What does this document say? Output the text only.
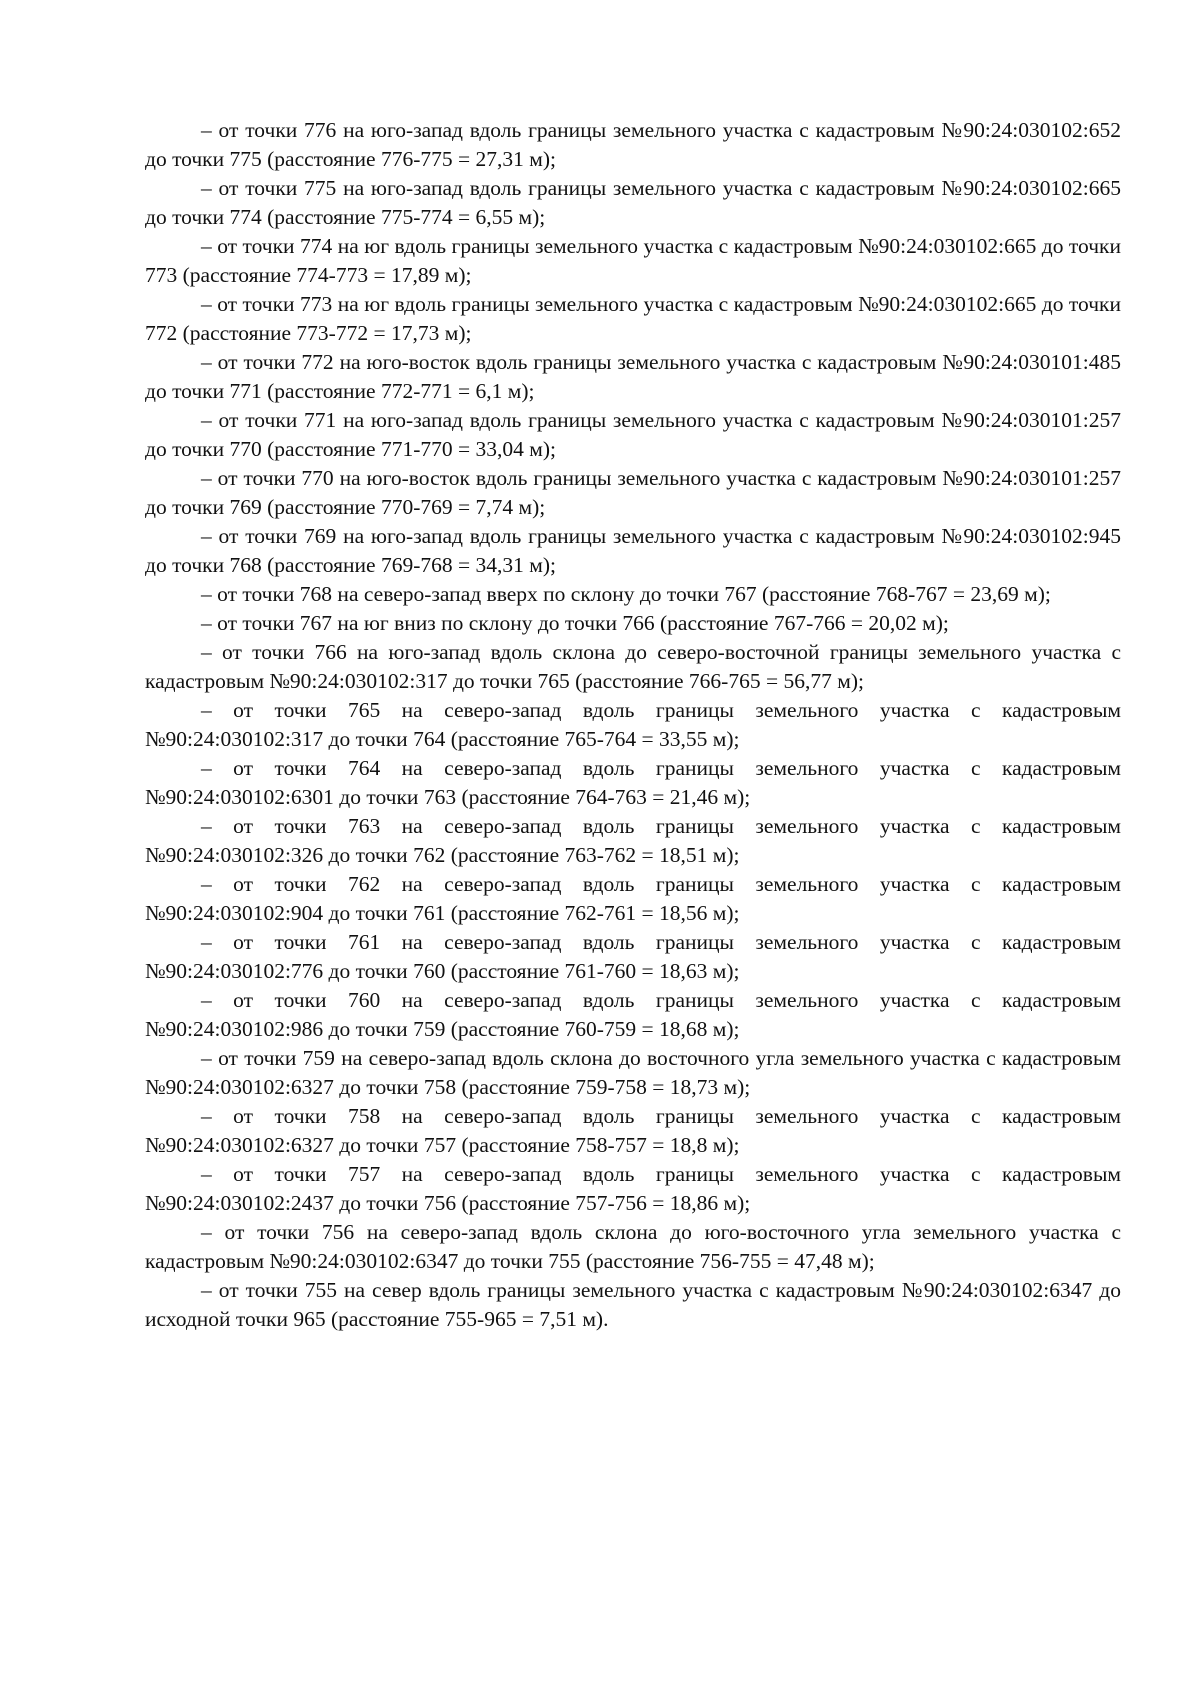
– от точки 776 на юго-запад вдоль границы земельного участка с кадастровым №90:24:030102:652 до точки 775 (расстояние 776-775 = 27,31 м);

– от точки 775 на юго-запад вдоль границы земельного участка с кадастровым №90:24:030102:665 до точки 774 (расстояние 775-774 = 6,55 м);

– от точки 774 на юг вдоль границы земельного участка с кадастровым №90:24:030102:665 до точки 773 (расстояние 774-773 = 17,89 м);

– от точки 773 на юг вдоль границы земельного участка с кадастровым №90:24:030102:665 до точки 772 (расстояние 773-772 = 17,73 м);

– от точки 772 на юго-восток вдоль границы земельного участка с кадастровым №90:24:030101:485 до точки 771 (расстояние 772-771 = 6,1 м);

– от точки 771 на юго-запад вдоль границы земельного участка с кадастровым №90:24:030101:257 до точки 770 (расстояние 771-770 = 33,04 м);

– от точки 770 на юго-восток вдоль границы земельного участка с кадастровым №90:24:030101:257 до точки 769 (расстояние 770-769 = 7,74 м);

– от точки 769 на юго-запад вдоль границы земельного участка с кадастровым №90:24:030102:945 до точки 768 (расстояние 769-768 = 34,31 м);

– от точки 768 на северо-запад вверх по склону до точки 767 (расстояние 768-767 = 23,69 м);

– от точки 767 на юг вниз по склону до точки 766 (расстояние 767-766 = 20,02 м);

– от точки 766 на юго-запад вдоль склона до северо-восточной границы земельного участка с кадастровым №90:24:030102:317 до точки 765 (расстояние 766-765 = 56,77 м);

– от точки 765 на северо-запад вдоль границы земельного участка с кадастровым №90:24:030102:317 до точки 764 (расстояние 765-764 = 33,55 м);

– от точки 764 на северо-запад вдоль границы земельного участка с кадастровым №90:24:030102:6301 до точки 763 (расстояние 764-763 = 21,46 м);

– от точки 763 на северо-запад вдоль границы земельного участка с кадастровым №90:24:030102:326 до точки 762 (расстояние 763-762 = 18,51 м);

– от точки 762 на северо-запад вдоль границы земельного участка с кадастровым №90:24:030102:904 до точки 761 (расстояние 762-761 = 18,56 м);

– от точки 761 на северо-запад вдоль границы земельного участка с кадастровым №90:24:030102:776 до точки 760 (расстояние 761-760 = 18,63 м);

– от точки 760 на северо-запад вдоль границы земельного участка с кадастровым №90:24:030102:986 до точки 759 (расстояние 760-759 = 18,68 м);

– от точки 759 на северо-запад вдоль склона до восточного угла земельного участка с кадастровым №90:24:030102:6327 до точки 758 (расстояние 759-758 = 18,73 м);

– от точки 758 на северо-запад вдоль границы земельного участка с кадастровым №90:24:030102:6327 до точки 757 (расстояние 758-757 = 18,8 м);

– от точки 757 на северо-запад вдоль границы земельного участка с кадастровым №90:24:030102:2437 до точки 756 (расстояние 757-756 = 18,86 м);

– от точки 756 на северо-запад вдоль склона до юго-восточного угла земельного участка с кадастровым №90:24:030102:6347 до точки 755 (расстояние 756-755 = 47,48 м);

– от точки 755 на север вдоль границы земельного участка с кадастровым №90:24:030102:6347 до исходной точки 965 (расстояние 755-965 = 7,51 м).
